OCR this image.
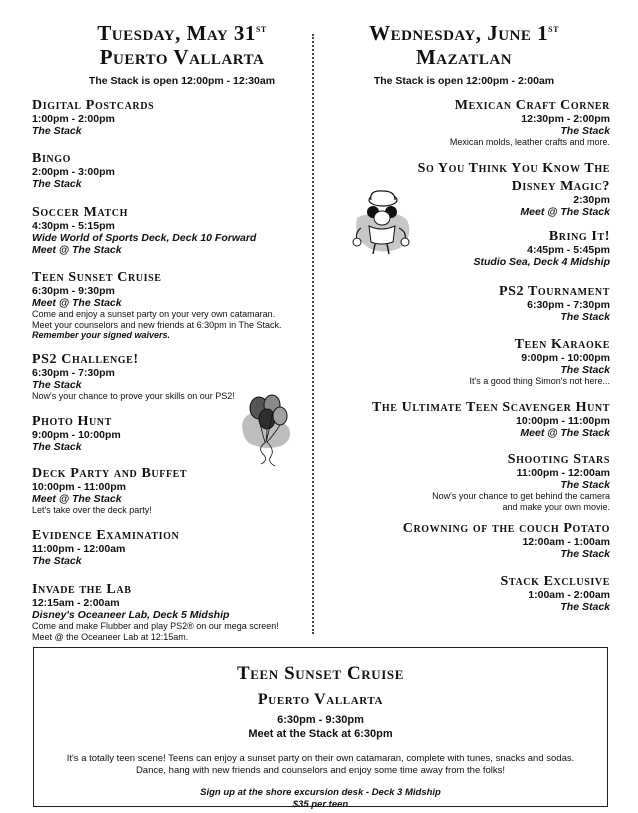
Tuesday, May 31st
Puerto Vallarta
The Stack is open 12:00pm - 12:30am
Digital Postcards
1:00pm - 2:00pm
The Stack
Bingo
2:00pm - 3:00pm
The Stack
Soccer Match
4:30pm - 5:15pm
Wide World of Sports Deck, Deck 10 Forward
Meet @ The Stack
Teen Sunset Cruise
6:30pm - 9:30pm
Meet @ The Stack
Come and enjoy a sunset party on your very own catamaran.
Meet your counselors and new friends at 6:30pm in The Stack.
Remember your signed waivers.
PS2 Challenge!
6:30pm - 7:30pm
The Stack
Now's your chance to prove your skills on our PS2!
Photo Hunt
9:00pm - 10:00pm
The Stack
Deck Party and Buffet
10:00pm - 11:00pm
Meet @ The Stack
Let's take over the deck party!
Evidence Examination
11:00pm - 12:00am
The Stack
Invade the Lab
12:15am - 2:00am
Disney's Oceaneer Lab, Deck 5 Midship
Come and make Flubber and play PS2® on our mega screen!
Meet @ the Oceaneer Lab at 12:15am.
Wednesday, June 1st
Mazatlan
The Stack is open 12:00pm - 2:00am
Mexican Craft Corner
12:30pm - 2:00pm
The Stack
Mexican molds, leather crafts and more.
So You Think You Know The
Disney Magic?
2:30pm
Meet @ The Stack
Bring It!
4:45pm - 5:45pm
Studio Sea, Deck 4 Midship
PS2 Tournament
6:30pm - 7:30pm
The Stack
Teen Karaoke
9:00pm - 10:00pm
The Stack
It's a good thing Simon's not here...
The Ultimate Teen Scavenger Hunt
10:00pm - 11:00pm
Meet @ The Stack
Shooting Stars
11:00pm - 12:00am
The Stack
Now's your chance to get behind the camera
and make your own movie.
Crowning of the couch Potato
12:00am - 1:00am
The Stack
Stack Exclusive
1:00am - 2:00am
The Stack
Teen Sunset Cruise
Puerto Vallarta
6:30pm - 9:30pm
Meet at the Stack at 6:30pm
It's a totally teen scene! Teens can enjoy a sunset party on their own catamaran, complete with tunes, snacks and sodas. Dance, hang with new friends and counselors and enjoy some time away from the folks!
Sign up at the shore excursion desk - Deck 3 Midship
$35 per teen
